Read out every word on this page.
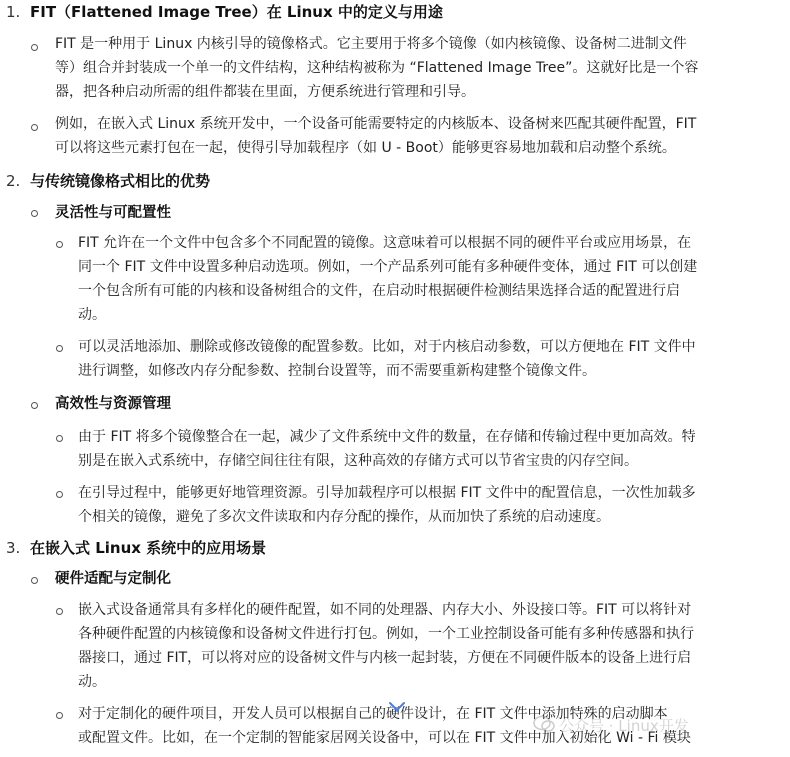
1. FIT（Flattened Image Tree）在 Linux 中的定义与用途
FIT 是一种用于 Linux 内核引导的镜像格式。它主要用于将多个镜像（如内核镜像、设备树二进制文件
等）组合并封装成一个单一的文件结构，这种结构被称为 “Flattened Image Tree”。这就好比是一个容
器，把各种启动所需的组件都装在里面，方便系统进行管理和引导。
例如，在嵌入式 Linux 系统开发中，一个设备可能需要特定的内核版本、设备树来匹配其硬件配置，FIT
可以将这些元素打包在一起，使得引导加载程序（如 U - Boot）能够更容易地加载和启动整个系统。
2. 与传统镜像格式相比的优势
灵活性与可配置性
FIT 允许在一个文件中包含多个不同配置的镜像。这意味着可以根据不同的硬件平台或应用场景，在
同一个 FIT 文件中设置多种启动选项。例如，一个产品系列可能有多种硬件变体，通过 FIT 可以创建
一个包含所有可能的内核和设备树组合的文件，在启动时根据硬件检测结果选择合适的配置进行启
动。
可以灵活地添加、删除或修改镜像的配置参数。比如，对于内核启动参数，可以方便地在 FIT 文件中
进行调整，如修改内存分配参数、控制台设置等，而不需要重新构建整个镜像文件。
高效性与资源管理
由于 FIT 将多个镜像整合在一起，减少了文件系统中文件的数量，在存储和传输过程中更加高效。特
别是在嵌入式系统中，存储空间往往有限，这种高效的存储方式可以节省宝贵的闪存空间。
在引导过程中，能够更好地管理资源。引导加载程序可以根据 FIT 文件中的配置信息，一次性加载多
个相关的镜像，避免了多次文件读取和内存分配的操作，从而加快了系统的启动速度。
3. 在嵌入式 Linux 系统中的应用场景
硬件适配与定制化
嵌入式设备通常具有多样化的硬件配置，如不同的处理器、内存大小、外设接口等。FIT 可以将针对
各种硬件配置的内核镜像和设备树文件进行打包。例如，一个工业控制设备可能有多种传感器和执行
器接口，通过 FIT，可以将对应的设备树文件与内核一起封装，方便在不同硬件版本的设备上进行启
动。
对于定制化的硬件项目，开发人员可以根据自己的硬件设计，在 FIT 文件中添加特殊的启动脚本
或配置文件。比如，在一个定制的智能家居网关设备中，可以在 FIT 文件中加入初始化 Wi - Fi 模块
公众号 · Linux开发
